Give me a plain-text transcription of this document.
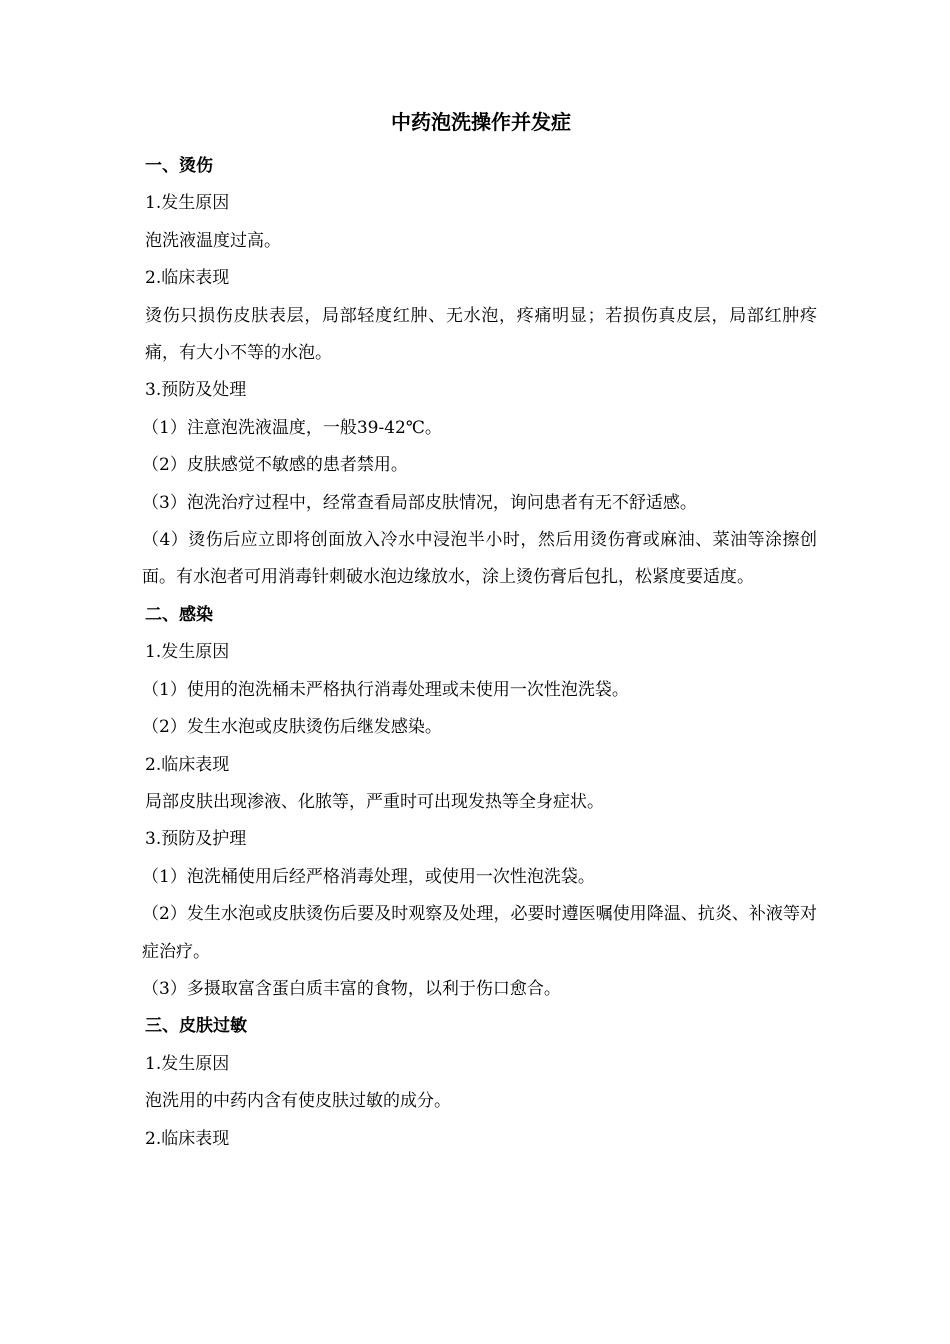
中药泡洗操作并发症

一、烫伤

1.发生原因

泡洗液温度过高。

2.临床表现

烫伤只损伤皮肤表层，局部轻度红肿、无水泡，疼痛明显；若损伤真皮层，局部红肿疼痛，有大小不等的水泡。

3.预防及处理

（1）注意泡洗液温度，一般39-42℃。

（2）皮肤感觉不敏感的患者禁用。

（3）泡洗治疗过程中，经常查看局部皮肤情况，询问患者有无不舒适感。

（4）烫伤后应立即将创面放入冷水中浸泡半小时，然后用烫伤膏或麻油、菜油等涂擦创面。有水泡者可用消毒针刺破水泡边缘放水，涂上烫伤膏后包扎，松紧度要适度。

二、感染

1.发生原因

（1）使用的泡洗桶未严格执行消毒处理或未使用一次性泡洗袋。

（2）发生水泡或皮肤烫伤后继发感染。

2.临床表现

局部皮肤出现渗液、化脓等，严重时可出现发热等全身症状。

3.预防及护理

（1）泡洗桶使用后经严格消毒处理，或使用一次性泡洗袋。

（2）发生水泡或皮肤烫伤后要及时观察及处理，必要时遵医嘱使用降温、抗炎、补液等对症治疗。

（3）多摄取富含蛋白质丰富的食物，以利于伤口愈合。

三、皮肤过敏

1.发生原因

泡洗用的中药内含有使皮肤过敏的成分。

2.临床表现
